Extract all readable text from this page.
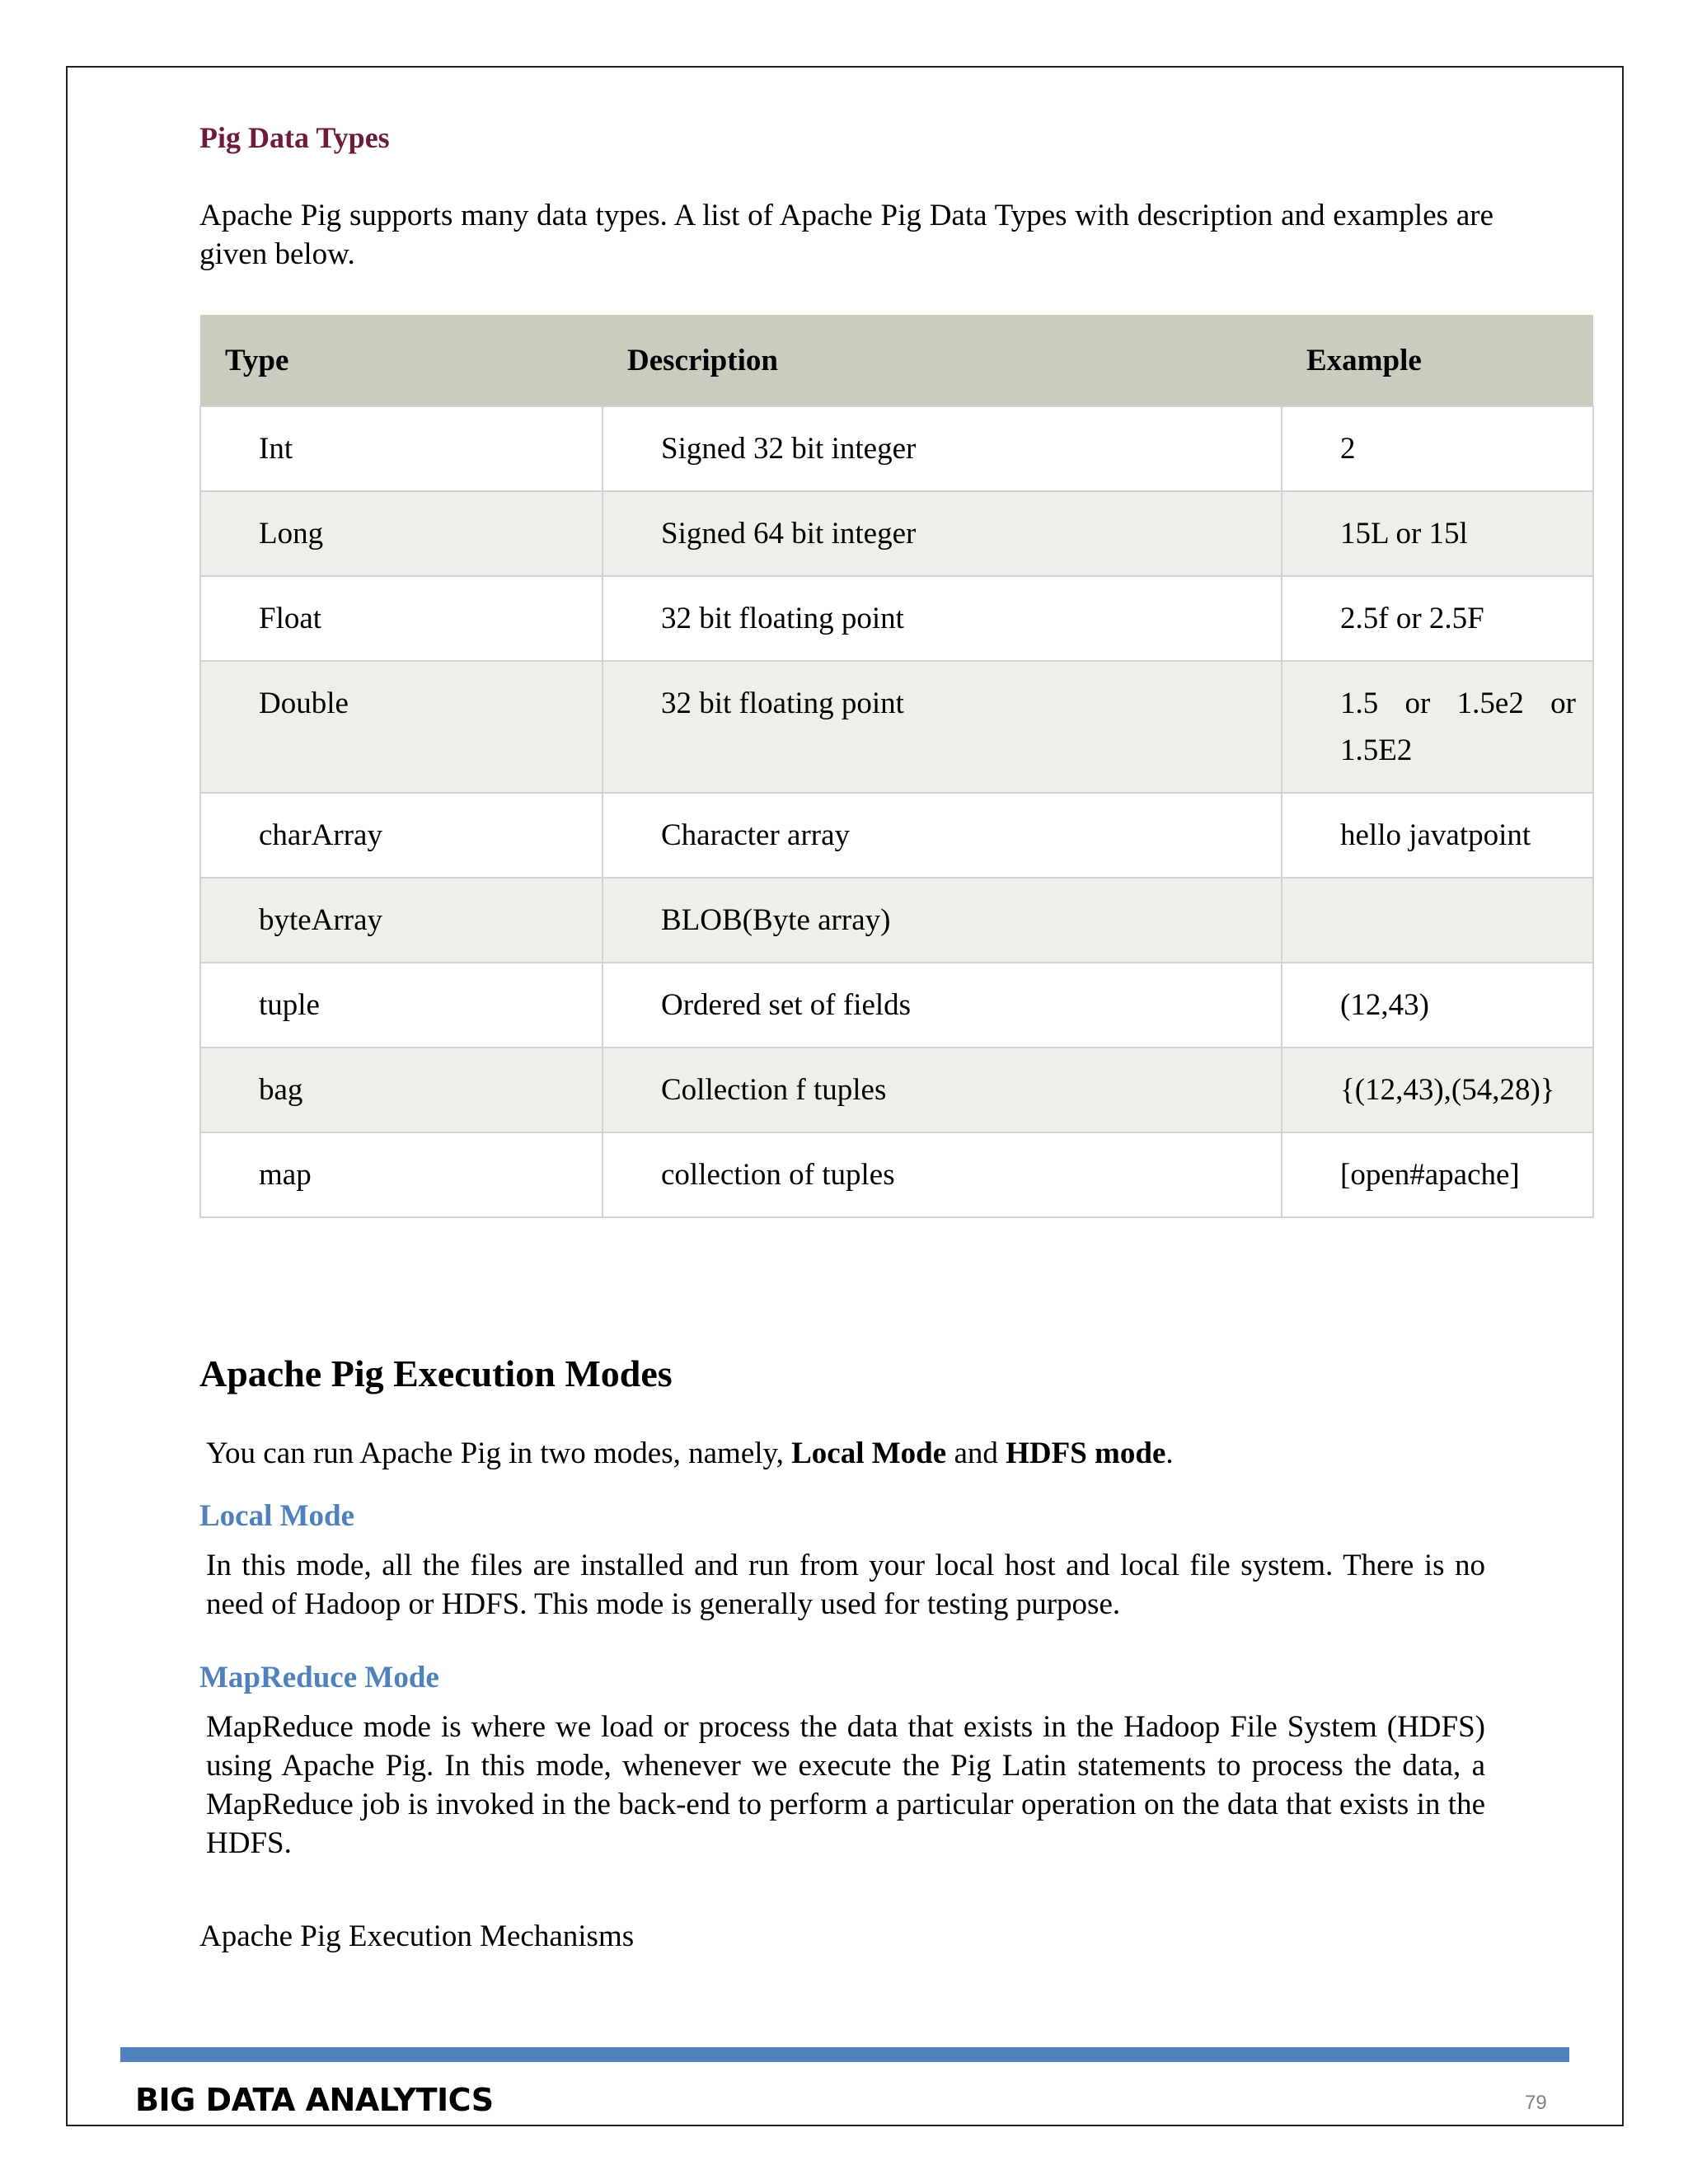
Pig Data Types

Apache Pig supports many data types. A list of Apache Pig Data Types with description and examples are given below.

Type	Description	Example
Int	Signed 32 bit integer	2
Long	Signed 64 bit integer	15L or 15l
Float	32 bit floating point	2.5f or 2.5F
Double	32 bit floating point	1.5 or 1.5e2 or 1.5E2
charArray	Character array	hello javatpoint
byteArray	BLOB(Byte array)	
tuple	Ordered set of fields	(12,43)
bag	Collection f tuples	{(12,43),(54,28)}
map	collection of tuples	[open#apache]
Apache Pig Execution Modes

You can run Apache Pig in two modes, namely, Local Mode and HDFS mode.

Local Mode

In this mode, all the files are installed and run from your local host and local file system. There is no need of Hadoop or HDFS. This mode is generally used for testing purpose.

MapReduce Mode

MapReduce mode is where we load or process the data that exists in the Hadoop File System (HDFS) using Apache Pig. In this mode, whenever we execute the Pig Latin statements to process the data, a MapReduce job is invoked in the back-end to perform a particular operation on the data that exists in the HDFS.

Apache Pig Execution Mechanisms

BIG DATA ANALYTICS	79
